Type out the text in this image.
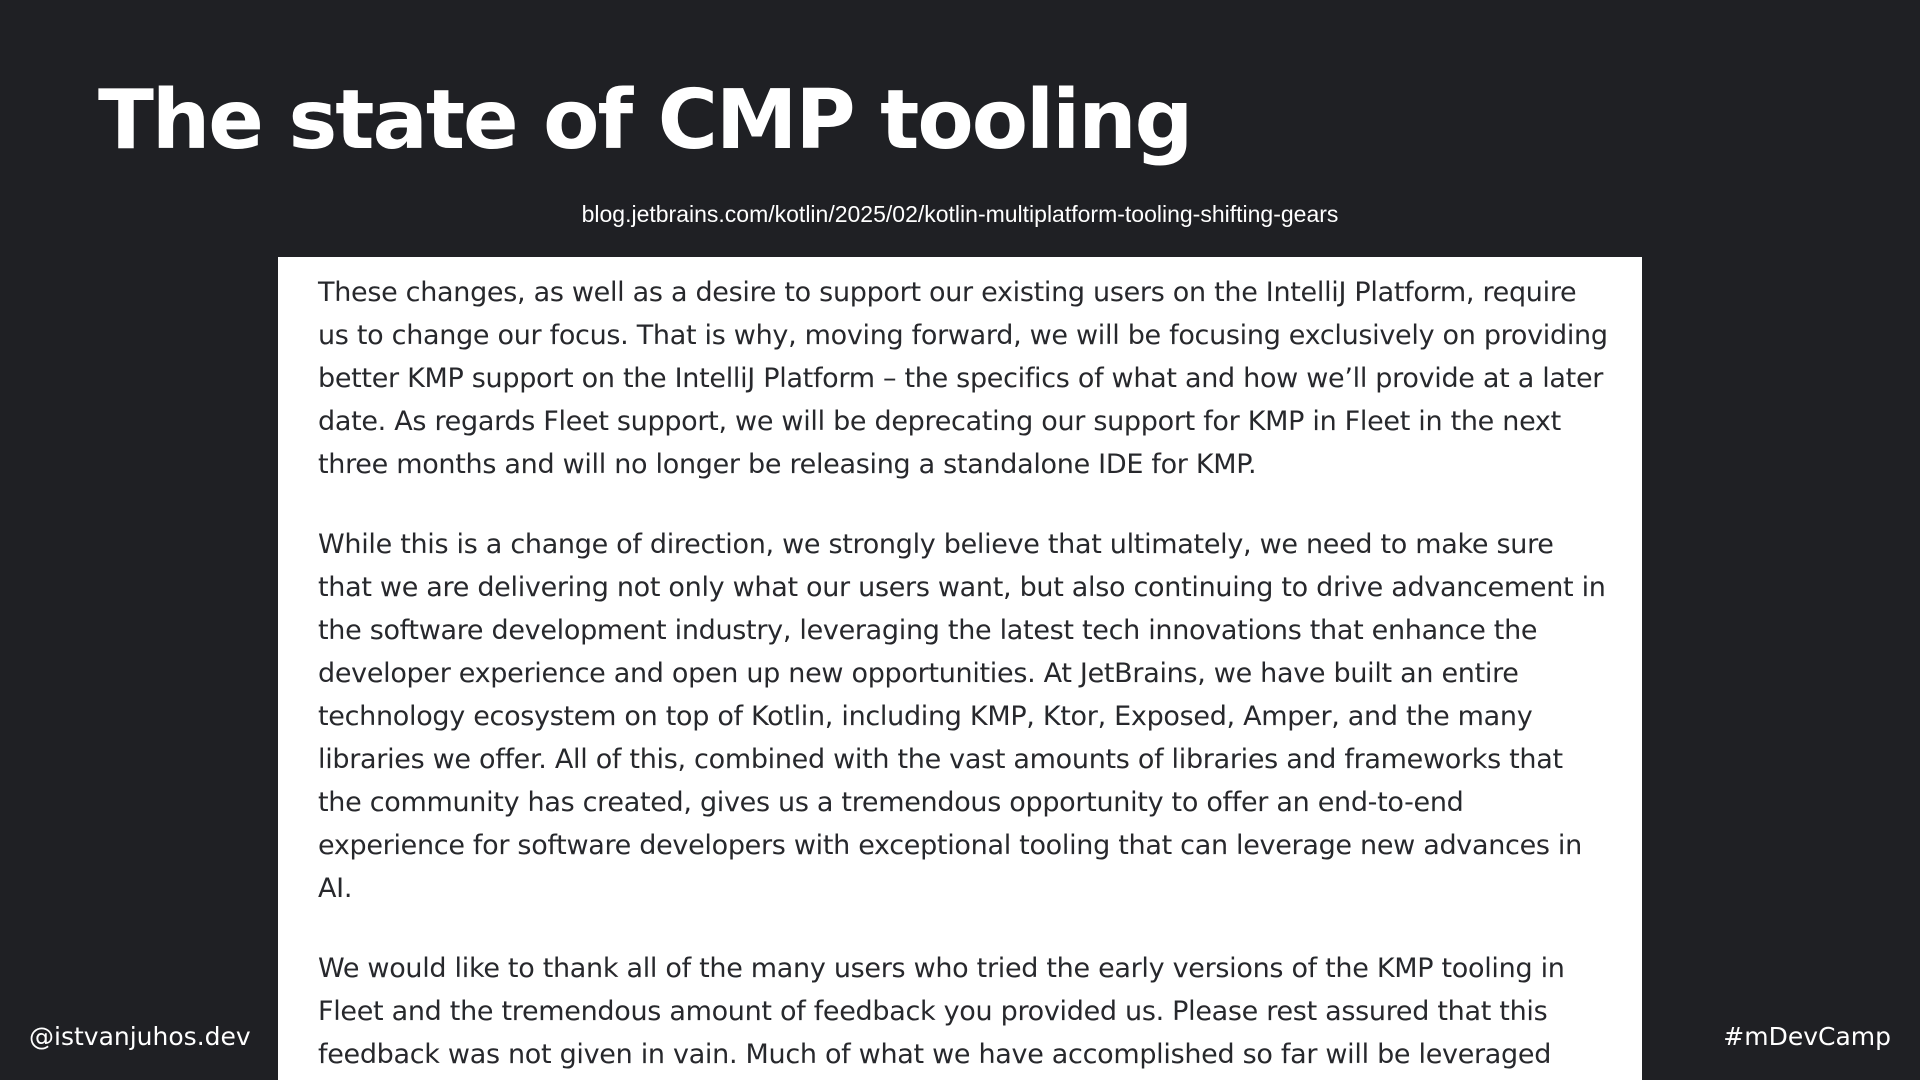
The state of CMP tooling
blog.jetbrains.com/kotlin/2025/02/kotlin-multiplatform-tooling-shifting-gears

These changes, as well as a desire to support our existing users on the IntelliJ Platform, require us to change our focus. That is why, moving forward, we will be focusing exclusively on providing better KMP support on the IntelliJ Platform – the specifics of what and how we’ll provide at a later date. As regards Fleet support, we will be deprecating our support for KMP in Fleet in the next three months and will no longer be releasing a standalone IDE for KMP.

While this is a change of direction, we strongly believe that ultimately, we need to make sure that we are delivering not only what our users want, but also continuing to drive advancement in the software development industry, leveraging the latest tech innovations that enhance the developer experience and open up new opportunities. At JetBrains, we have built an entire technology ecosystem on top of Kotlin, including KMP, Ktor, Exposed, Amper, and the many libraries we offer. All of this, combined with the vast amounts of libraries and frameworks that the community has created, gives us a tremendous opportunity to offer an end-to-end experience for software developers with exceptional tooling that can leverage new advances in AI.

We would like to thank all of the many users who tried the early versions of the KMP tooling in Fleet and the tremendous amount of feedback you provided us. Please rest assured that this feedback was not given in vain. Much of what we have accomplished so far will be leveraged

@istvanjuhos.dev	#mDevCamp
